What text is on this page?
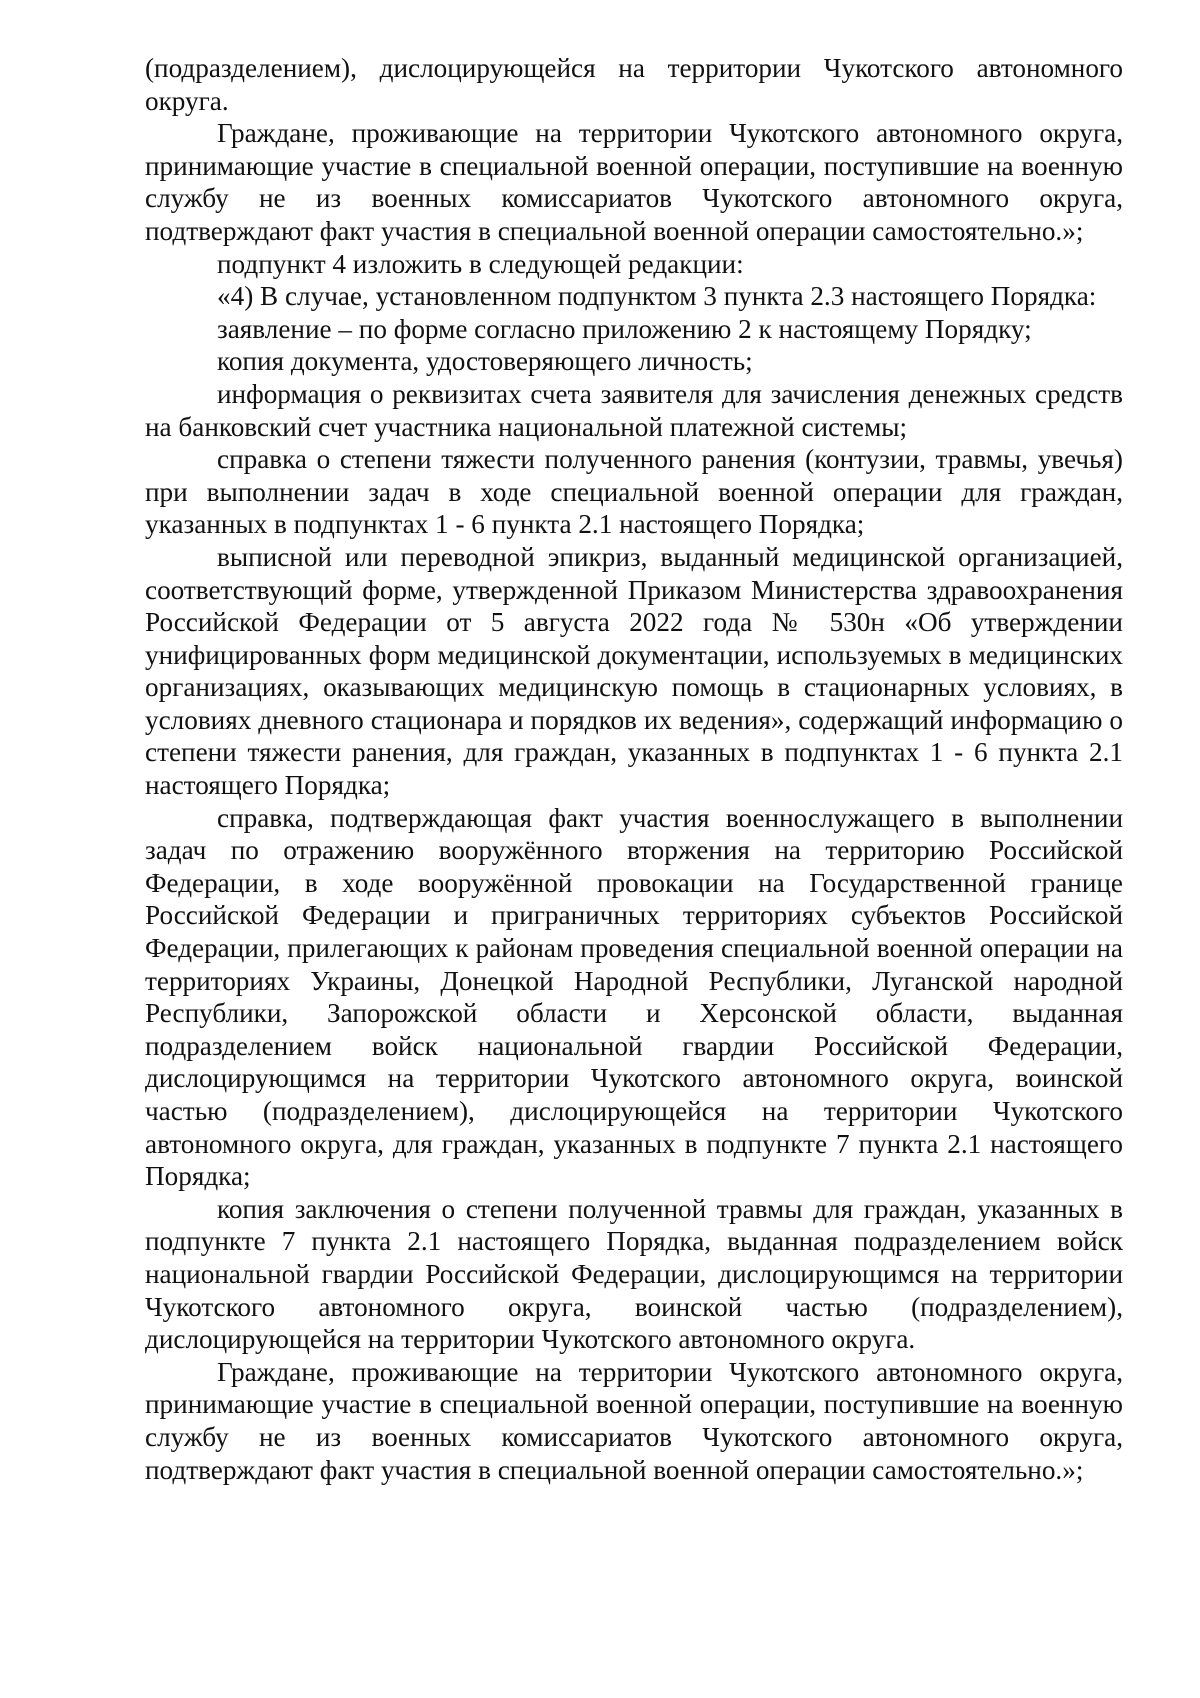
(подразделением), дислоцирующейся на территории Чукотского автономного округа.

Граждане, проживающие на территории Чукотского автономного округа, принимающие участие в специальной военной операции, поступившие на военную службу не из военных комиссариатов Чукотского автономного округа, подтверждают факт участия в специальной военной операции самостоятельно.»;

подпункт 4 изложить в следующей редакции:

«4) В случае, установленном подпунктом 3 пункта 2.3 настоящего Порядка:

заявление – по форме согласно приложению 2 к настоящему Порядку;

копия документа, удостоверяющего личность;

информация о реквизитах счета заявителя для зачисления денежных средств на банковский счет участника национальной платежной системы;

справка о степени тяжести полученного ранения (контузии, травмы, увечья) при выполнении задач в ходе специальной военной операции для граждан, указанных в подпунктах 1 - 6 пункта 2.1 настоящего Порядка;

выписной или переводной эпикриз, выданный медицинской организацией, соответствующий форме, утвержденной Приказом Министерства здравоохранения Российской Федерации от 5 августа 2022 года № 530н «Об утверждении унифицированных форм медицинской документации, используемых в медицинских организациях, оказывающих медицинскую помощь в стационарных условиях, в условиях дневного стационара и порядков их ведения», содержащий информацию о степени тяжести ранения, для граждан, указанных в подпунктах 1 - 6 пункта 2.1 настоящего Порядка;

справка, подтверждающая факт участия военнослужащего в выполнении задач по отражению вооружённого вторжения на территорию Российской Федерации, в ходе вооружённой провокации на Государственной границе Российской Федерации и приграничных территориях субъектов Российской Федерации, прилегающих к районам проведения специальной военной операции на территориях Украины, Донецкой Народной Республики, Луганской народной Республики, Запорожской области и Херсонской области, выданная подразделением войск национальной гвардии Российской Федерации, дислоцирующимся на территории Чукотского автономного округа, воинской частью (подразделением), дислоцирующейся на территории Чукотского автономного округа, для граждан, указанных в подпункте 7 пункта 2.1 настоящего Порядка;

копия заключения о степени полученной травмы для граждан, указанных в подпункте 7 пункта 2.1 настоящего Порядка, выданная подразделением войск национальной гвардии Российской Федерации, дислоцирующимся на территории Чукотского автономного округа, воинской частью (подразделением), дислоцирующейся на территории Чукотского автономного округа.

Граждане, проживающие на территории Чукотского автономного округа, принимающие участие в специальной военной операции, поступившие на военную службу не из военных комиссариатов Чукотского автономного округа, подтверждают факт участия в специальной военной операции самостоятельно.»;
